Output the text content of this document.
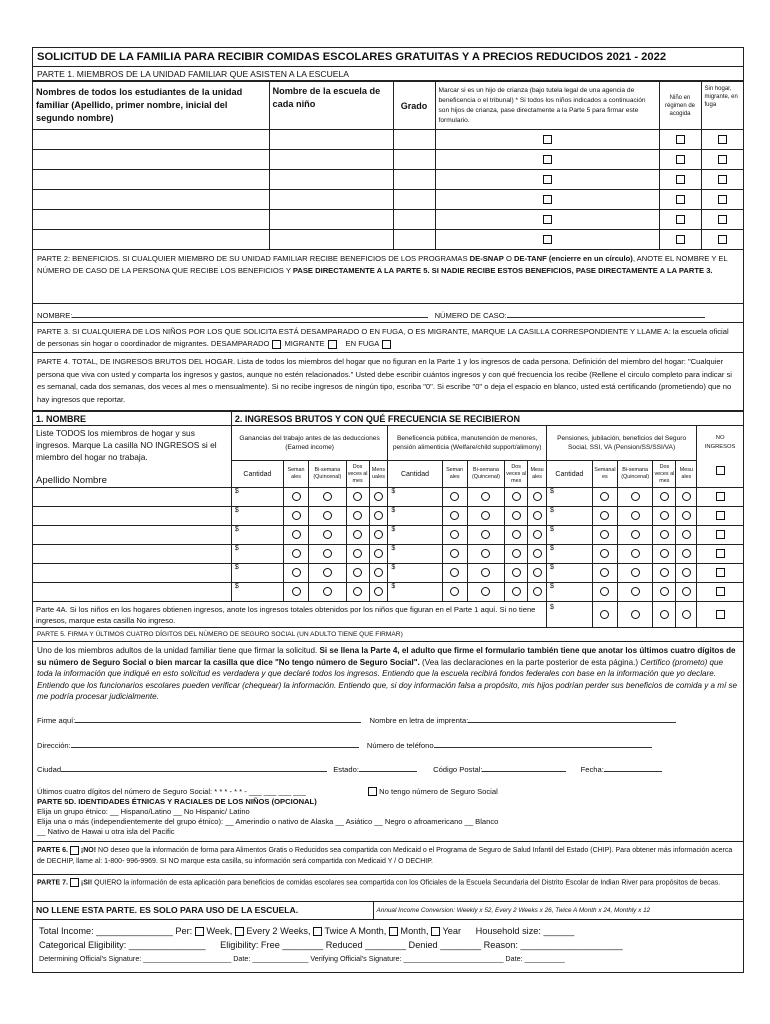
SOLICITUD DE LA FAMILIA PARA RECIBIR COMIDAS ESCOLARES GRATUITAS Y A PRECIOS REDUCIDOS 2021 - 2022
PARTE 1. MIEMBROS DE LA UNIDAD FAMILIAR QUE ASISTEN A LA ESCUELA
Nombres de todos los estudiantes de la unidad familiar (Apellido, primer nombre, inicial del segundo nombre)	Nombre de la escuela de cada niño	Grado	Marcar si es un hijo de crianza (bajo tutela legal de una agencia de beneficencia o el tribunal) * Si todos los niños indicados a continuación son hijos de crianza, pase directamente a la Parte 5 para firmar este formulario.	Niño en régimen de acogida	Sin hogar, migrante, en fuga

PARTE 2: BENEFICIOS. SI CUALQUIER MIEMBRO DE SU UNIDAD FAMILIAR RECIBE BENEFICIOS DE LOS PROGRAMAS DE-SNAP O DE-TANF (encierre en un círculo), ANOTE EL NOMBRE Y EL NÚMERO DE CASO DE LA PERSONA QUE RECIBE LOS BENEFICIOS Y PASE DIRECTAMENTE A LA PARTE 5. SI NADIE RECIBE ESTOS BENEFICIOS, PASE DIRECTAMENTE A LA PARTE 3.
NOMBRE:	NÚMERO DE CASO:
PARTE 3. SI CUALQUIERA DE LOS NIÑOS POR LOS QUE SOLICITA ESTÁ DESAMPARADO O EN FUGA, O ES MIGRANTE, MARQUE LA CASILLA CORRESPONDIENTE Y LLAME A: la escuela oficial de personas sin hogar o coordinador de migrantes. DESAMPARADO MIGRANTE	EN FUGA
PARTE 4. TOTAL, DE INGRESOS BRUTOS DEL HOGAR. Lista de todos los miembros del hogar que no figuran en la Parte 1 y los ingresos de cada persona. Definición del miembro del hogar: "Cualquier persona que viva con usted y comparta los ingresos y gastos, aunque no estén relacionados." Usted debe escribir cuántos ingresos y con qué frecuencia los recibe (Rellene el circulo completo para indicar si es semanal, cada dos semanas, dos veces al mes o mensualmente). Si no recibe ingresos de ningún tipo, escriba "0". Si escribe "0" o deja el espacio en blanco, usted está certificando (prometiendo) que no hay ingresos que reportar.
1. NOMBRE	2. INGRESOS BRUTOS Y CON QUÉ FRECUENCIA SE RECIBIERON															

Liste TODOS los miembros de hogar y sus ingresos. Marque La casilla NO INGRESOS si el miembro del hogar no trabaja.
Apellido Nombre	Ganancias del trabajo antes de las deducciones (Earned income)					Beneficencia pública, manutención de menores, pensión alimenticia (Welfare/child support/alimony)					Pensiones, jubilación, beneficios del Seguro Social, SSI, VA (Pension/SS/SSI/VA)					NO INGRESOS

	Cantidad	Seman ales	Bi-semana (Quincenal)	Dos veces al mes	Mens uales	Cantidad	Seman ales	Bi-semana (Quincenal)	Dos veces al mes	Mesu ales	Cantidad	Semanal es	Bi-semana (Quincenal)	Dos veces al mes	Mesu ales	
	$					$					$					
	$					$					$					
	$					$					$					
	$					$					$					
	$					$					$					
	$					$					$					
Parte 4A. Si los niños en los hogares obtienen ingresos, anote los ingresos totales obtenidos por los niños que figuran en el Parte 1 aquí. Si no tiene ingresos, marque esta casilla No ingreso.											$					
PARTE 5. FIRMA Y ÚLTIMOS CUATRO DÍGITOS DEL NÚMERO DE SEGURO SOCIAL (UN ADULTO TIENE QUE FIRMAR)
Uno de los miembros adultos de la unidad familiar tiene que firmar la solicitud. Si se llena la Parte 4, el adulto que firme el formulario también tiene que anotar los últimos cuatro dígitos de su número de Seguro Social o bien marcar la casilla que dice "No tengo número de Seguro Social". (Vea las declaraciones en la parte posterior de esta página.) Certifico (prometo) que toda la información que indiqué en esto solicitud es verdadera y que declaré todos los ingresos. Entiendo que la escuela recibirá fondos federales con base en la información que yo declare. Entiendo que los funcionarios escolares pueden verificar (chequear) la información. Entiendo que, si doy información falsa a propósito, mis hijos podrían perder sus beneficios de comida y a mí se me podría procesar judicialmente.
Firme aquí:	Nombre en letra de imprenta:
Dirección:	Número de teléfono
Ciudad	Estado:	Código Postal:	Fecha:
Últimos cuatro dígitos del número de Seguro Social: * * * - * * - ___ ___ ___ ___	No tengo número de Seguro Social
PARTE 5D. IDENTIDADES ÉTNICAS Y RACIALES DE LOS NIÑOS (OPCIONAL)
Elija un grupo étnico: __ Hispano/Latino __ No Hispanic/ Latino
Elija una o más (independientemente del grupo étnico): __ Amerindio o nativo de Alaska __ Asiático __ Negro o afroamericano __ Blanco
__ Nativo de Hawai u otra isla del Pacific
PARTE 6. ¡NO! NO deseo que la información de forma para Alimentos Gratis o Reducidos sea compartida con Medicaid o el Programa de Seguro de Salud Infantil del Estado (CHIP). Para obtener más información acerca de DECHIP, llame al: 1-800- 996-9969. SI NO marque esta casilla, su información será compartida con Medicaid Y / O DECHIP.
PARTE 7. ¡SI! QUIERO la información de esta aplicación para beneficios de comidas escolares sea compartida con los Oficiales de la Escuela Secundaria del Distrito Escolar de Indian River para propósitos de becas.
NO LLENE ESTA PARTE. ES SOLO PARA USO DE LA ESCUELA.	Annual Income Conversion: Weekly x 52, Every 2 Weeks x 26, Twice A Month x 24, Monthly x 12
Total Income: _______________ Per: Week, Every 2 Weeks, Twice A Month, Month, Year Household size: ______
Categorical Eligibility: _______________ Eligibility: Free ________ Reduced ________ Denied ________ Reason: ____________________
Determining Official's Signature: ______________________ Date: ______________ Verifying Official's Signature: _________________________ Date: __________
